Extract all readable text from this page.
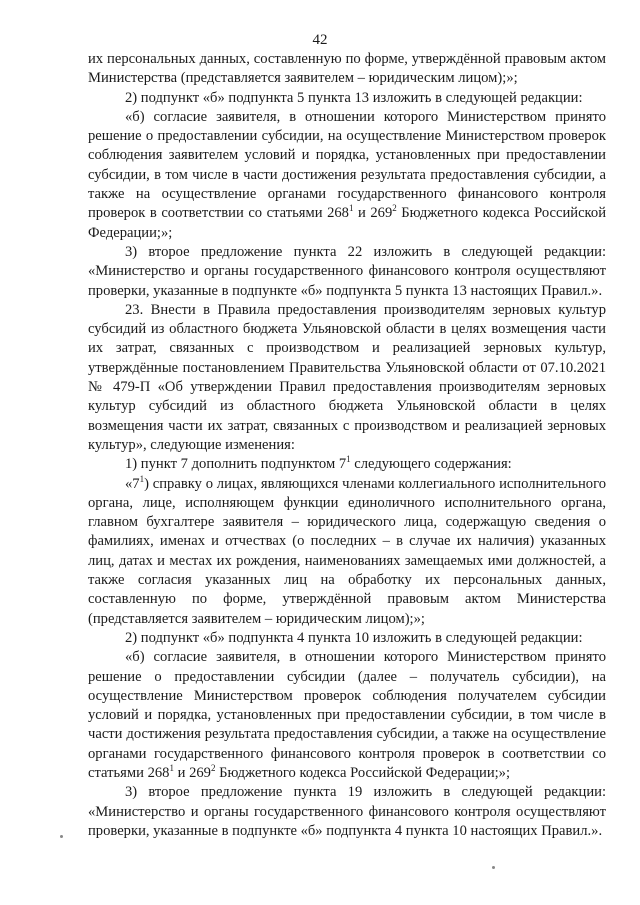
42

их персональных данных, составленную по форме, утверждённой правовым актом Министерства (представляется заявителем – юридическим лицом);»;

2) подпункт «б» подпункта 5 пункта 13 изложить в следующей редакции:

«б) согласие заявителя, в отношении которого Министерством принято решение о предоставлении субсидии, на осуществление Министерством проверок соблюдения заявителем условий и порядка, установленных при предоставлении субсидии, в том числе в части достижения результата предоставления субсидии, а также на осуществление органами государственного финансового контроля проверок в соответствии со статьями $268^1$ и $269^2$ Бюджетного кодекса Российской Федерации;»;

3) второе предложение пункта 22 изложить в следующей редакции: «Министерство и органы государственного финансового контроля осуществляют проверки, указанные в подпункте «б» подпункта 5 пункта 13 настоящих Правил.».

23. Внести в Правила предоставления производителям зерновых культур субсидий из областного бюджета Ульяновской области в целях возмещения части их затрат, связанных с производством и реализацией зерновых культур, утверждённые постановлением Правительства Ульяновской области от 07.10.2021 № 479-П «Об утверждении Правил предоставления производителям зерновых культур субсидий из областного бюджета Ульяновской области в целях возмещения части их затрат, связанных с производством и реализацией зерновых культур», следующие изменения:

1) пункт 7 дополнить подпунктом $7^1$ следующего содержания:

«$7^1$) справку о лицах, являющихся членами коллегиального исполнительного органа, лице, исполняющем функции единоличного исполнительного органа, главном бухгалтере заявителя – юридического лица, содержащую сведения о фамилиях, именах и отчествах (о последних – в случае их наличия) указанных лиц, датах и местах их рождения, наименованиях замещаемых ими должностей, а также согласия указанных лиц на обработку их персональных данных, составленную по форме, утверждённой правовым актом Министерства (представляется заявителем – юридическим лицом);»;

2) подпункт «б» подпункта 4 пункта 10 изложить в следующей редакции:

«б) согласие заявителя, в отношении которого Министерством принято решение о предоставлении субсидии (далее – получатель субсидии), на осуществление Министерством проверок соблюдения получателем субсидии условий и порядка, установленных при предоставлении субсидии, в том числе в части достижения результата предоставления субсидии, а также на осуществление органами государственного финансового контроля проверок в соответствии со статьями $268^1$ и $269^2$ Бюджетного кодекса Российской Федерации;»;

3) второе предложение пункта 19 изложить в следующей редакции: «Министерство и органы государственного финансового контроля осуществляют проверки, указанные в подпункте «б» подпункта 4 пункта 10 настоящих Правил.».
